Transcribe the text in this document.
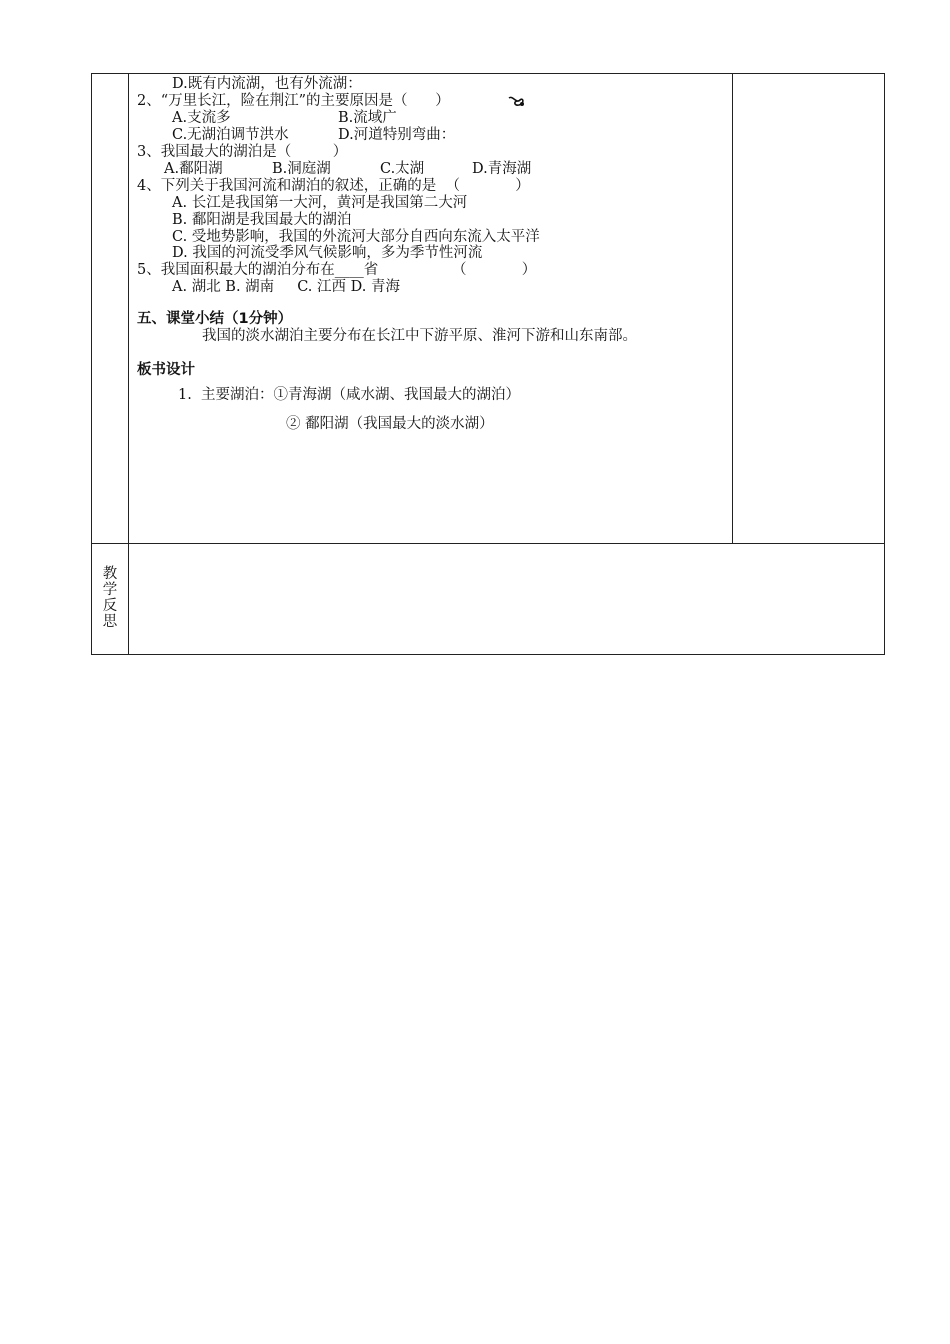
D.既有内流湖，也有外流湖：
2、“万里长江，险在荆江”的主要原因是（      ）
A.支流多	B.流域广
C.无湖泊调节洪水	D.河道特别弯曲：
3、我国最大的湖泊是（         ）
A.鄱阳湖	B.洞庭湖	C.太湖	D.青海湖
4、下列关于我国河流和湖泊的叙述，正确的是  （            ）
A. 长江是我国第一大河，黄河是我国第二大河
B. 鄱阳湖是我国最大的湖泊
C. 受地势影响，我国的外流河大部分自西向东流入太平洋
D. 我国的河流受季风气候影响，多为季节性河流
5、我国面积最大的湖泊分布在____省                （            ）
A. 湖北 B. 湖南     C. 江西 D. 青海
五、课堂小结（1分钟）
我国的淡水湖泊主要分布在长江中下游平原、淮河下游和山东南部。
板书设计
1.  主要湖泊：①青海湖（咸水湖、我国最大的湖泊）
② 鄱阳湖（我国最大的淡水湖）
教
学
反
思
